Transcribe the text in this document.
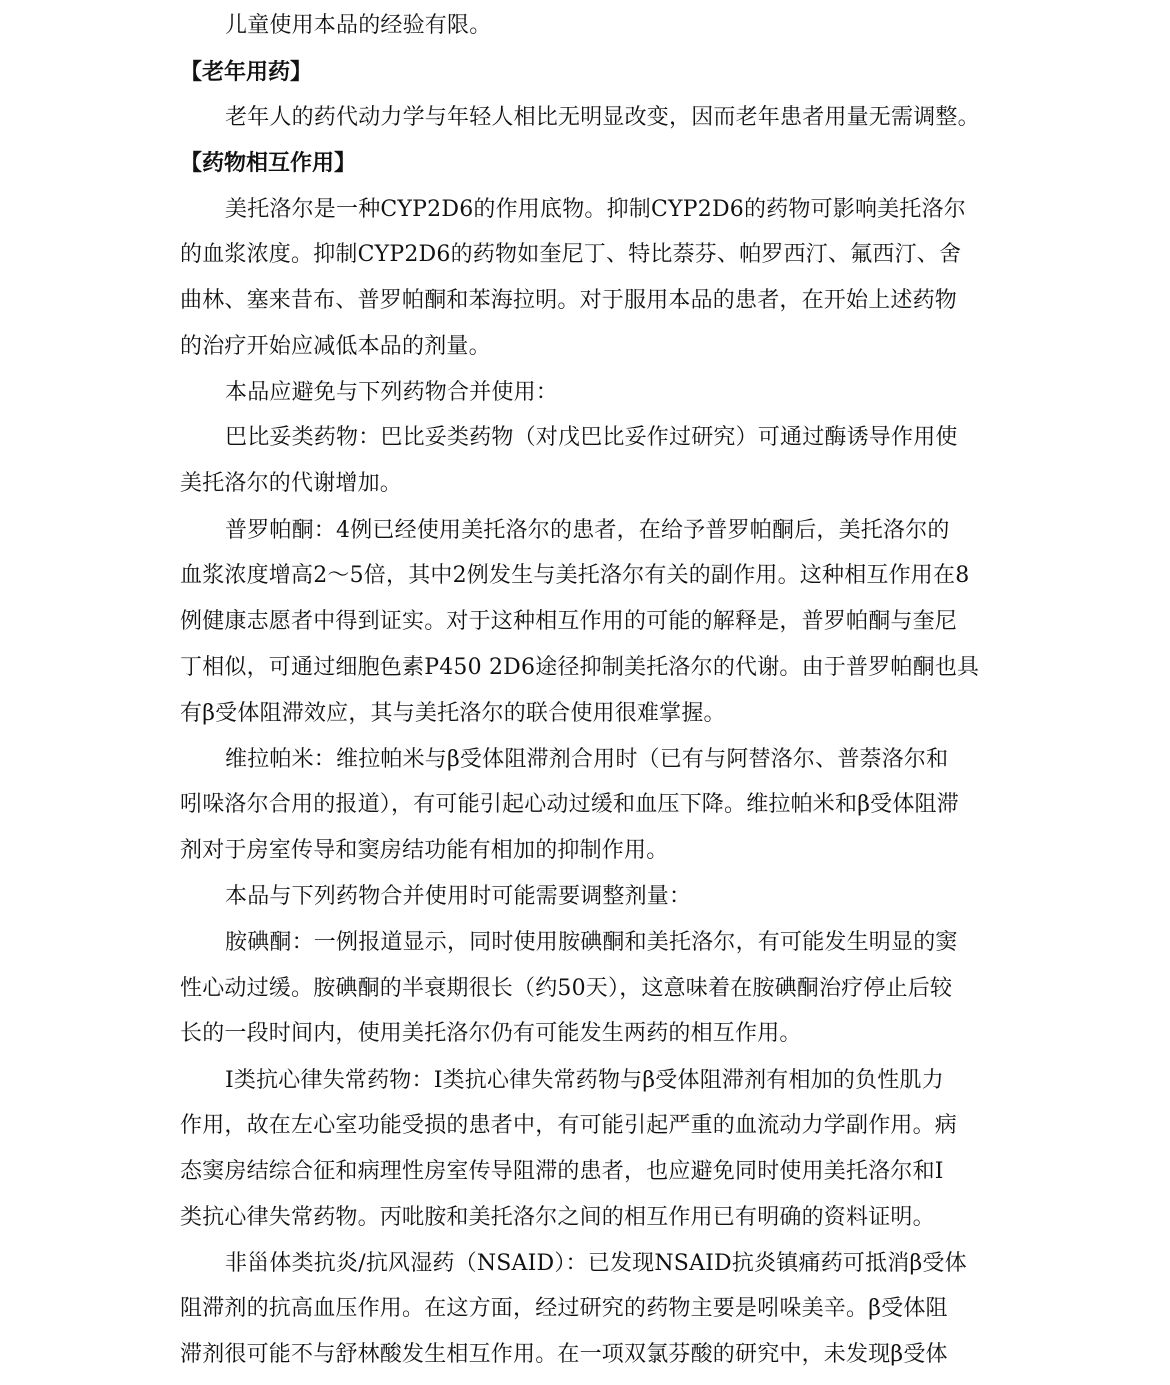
儿童使用本品的经验有限。
【老年用药】
老年人的药代动力学与年轻人相比无明显改变，因而老年患者用量无需调整。
【药物相互作用】
美托洛尔是一种CYP2D6的作用底物。抑制CYP2D6的药物可影响美托洛尔
的血浆浓度。抑制CYP2D6的药物如奎尼丁、特比萘芬、帕罗西汀、氟西汀、舍
曲林、塞来昔布、普罗帕酮和苯海拉明。对于服用本品的患者，在开始上述药物
的治疗开始应减低本品的剂量。
本品应避免与下列药物合并使用：
巴比妥类药物：巴比妥类药物（对戊巴比妥作过研究）可通过酶诱导作用使
美托洛尔的代谢增加。
普罗帕酮：4例已经使用美托洛尔的患者，在给予普罗帕酮后，美托洛尔的
血浆浓度增高2～5倍，其中2例发生与美托洛尔有关的副作用。这种相互作用在8
例健康志愿者中得到证实。对于这种相互作用的可能的解释是，普罗帕酮与奎尼
丁相似，可通过细胞色素P450 2D6途径抑制美托洛尔的代谢。由于普罗帕酮也具
有β受体阻滞效应，其与美托洛尔的联合使用很难掌握。
维拉帕米：维拉帕米与β受体阻滞剂合用时（已有与阿替洛尔、普萘洛尔和
吲哚洛尔合用的报道），有可能引起心动过缓和血压下降。维拉帕米和β受体阻滞
剂对于房室传导和窦房结功能有相加的抑制作用。
本品与下列药物合并使用时可能需要调整剂量：
胺碘酮：一例报道显示，同时使用胺碘酮和美托洛尔，有可能发生明显的窦
性心动过缓。胺碘酮的半衰期很长（约50天），这意味着在胺碘酮治疗停止后较
长的一段时间内，使用美托洛尔仍有可能发生两药的相互作用。
I类抗心律失常药物：I类抗心律失常药物与β受体阻滞剂有相加的负性肌力
作用，故在左心室功能受损的患者中，有可能引起严重的血流动力学副作用。病
态窦房结综合征和病理性房室传导阻滞的患者，也应避免同时使用美托洛尔和I
类抗心律失常药物。丙吡胺和美托洛尔之间的相互作用已有明确的资料证明。
非甾体类抗炎/抗风湿药（NSAID）：已发现NSAID抗炎镇痛药可抵消β受体
阻滞剂的抗高血压作用。在这方面，经过研究的药物主要是吲哚美辛。β受体阻
滞剂很可能不与舒林酸发生相互作用。在一项双氯芬酸的研究中，未发现β受体
